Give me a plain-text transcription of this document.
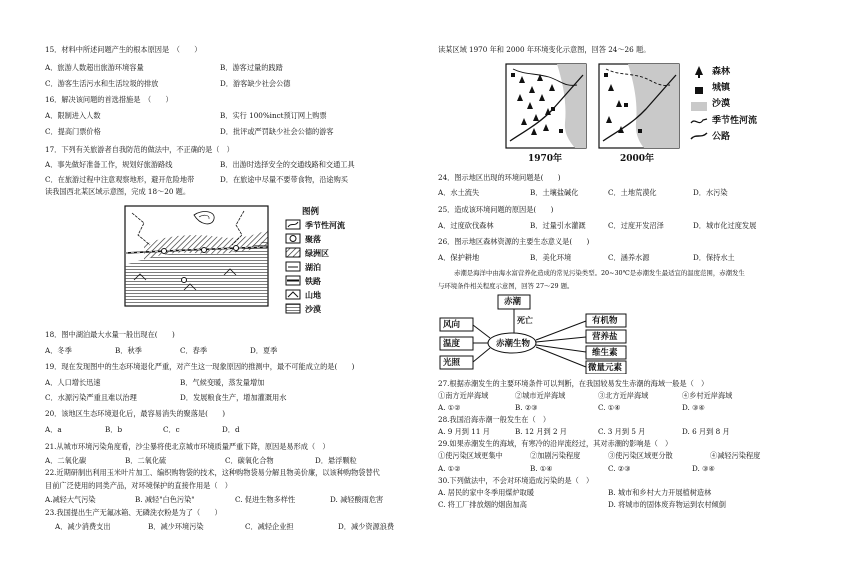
15．材料中所述问题产生的根本原因是　（　　）
A．旅游人数超出旅游环境容量	B．游客过量的践踏
C．游客生活污水和生活垃圾的排放	D．游客缺少社会公德
16．解决该问题的首选措施是　（　　）
A．限制进入人数	B．实行 100%inct预订网上购票
C．提高门票价格	D．批评或严罚缺少社会公德的游客
17．下列有关旅游者自我防范的做法中，不正确的是（　）
A．事先做好准备工作，规划好旅游路线	B．出游时选择安全的交通线路和交通工具
C．在旅游过程中注意观察地形，避开危险地带	D．在旅途中尽量不要带食物，沿途购买
读我国西北某区域示意图，完成 18～20 题。
图例
季节性河流
聚落
绿洲区
湖泊
铁路
山地
沙漠
18．图中湖泊最大水量一般出现在(　　)
A．冬季	B．秋季	C．春季	D．夏季
19．现在发现图中的生态环境退化严重，对产生这一现象原因的推测中，最不可能成立的是(　　)
A．人口增长迅速	B．气候变暖，蒸发量增加
C．水源污染严重且难以治理	D．发展粮食生产，增加灌溉用水
20．该地区生态环境退化后，最容易消失的聚落是(　　)
A．a	B．b	C．c	D．d
21.从城市环境污染角度看，沙尘暴将使北京城市环境质量严重下降，原因是易形成（　）
A．二氧化碳	B．二氧化硫	C．碳氧化合物	D．悬浮颗粒
22.近期研制出利用玉米叶片加工、编织购物袋的技术，这种购物袋易分解且物美价廉，以该种购物袋替代
目前广泛使用的同类产品，对环境保护的直接作用是（　）
A.减轻大气污染	B. 减轻"白色污染"	C. 促进生物多样性	D. 减轻酸雨危害
23.我国提出生产无氟冰箱、无磷洗衣粉是为了（　　）
A．减少消费支出	B．减少环境污染	C．减轻企业担	D．减少资源浪费
读某区域 1970 年和 2000 年环境变化示意图，回答 24～26 题。
1970年	2000年
森林
城镇
沙漠
季节性河流
公路
24．图示地区出现的环境问题是(　　)
A．水土流失	B．土壤盐碱化	C．土地荒漠化	D．水污染
25．造成该环境问题的原因是(　　)
A．过度砍伐森林	B．过量引水灌溉	C．过度开发沼泽	D．城市化过度发展
26．图示地区森林资源的主要生态意义是(　　)
A．保护耕地	B．美化环境	C．涵养水源	D．保持水土
赤潮是海洋中由海水富营养化造成的常见污染类型。20~30℃是赤潮发生最适宜的温度范围，赤潮发生
与环境条件相关程度示意图，回答 27～29 题。
赤潮
死亡
赤潮生物
风向
温度
光照
有机物
营养盐
维生素
微量元素
27.根据赤潮发生的主要环境条件可以判断，在我国较易发生赤潮的海域一般是（　）
①南方近岸海域	②城市近岸海域	③北方近岸海域	④乡村近岸海域
A. ①②	B. ②③	C. ①④	D. ③④
28.我国沿海赤潮一般发生在（　）
A. 9 月到 11 月	B. 12 月到 2 月	C. 3 月到 5 月	D. 6 月到 8 月
29.如果赤潮发生的海域，有寒冷的沿岸流经过，其对赤潮的影响是（　）
①使污染区域更集中	②加剧污染程度	③使污染区域更分散	④减轻污染程度
A. ①②	B. ①④	C. ②③	D. ③④
30.下列做法中，不会对环境造成污染的是（　）
A. 居民的家中冬季用煤炉取暖	B. 城市和乡村大力开展植树造林
C. 将工厂排放烟的烟囱加高	D. 将城市的固体废弃物运到农村倾倒
